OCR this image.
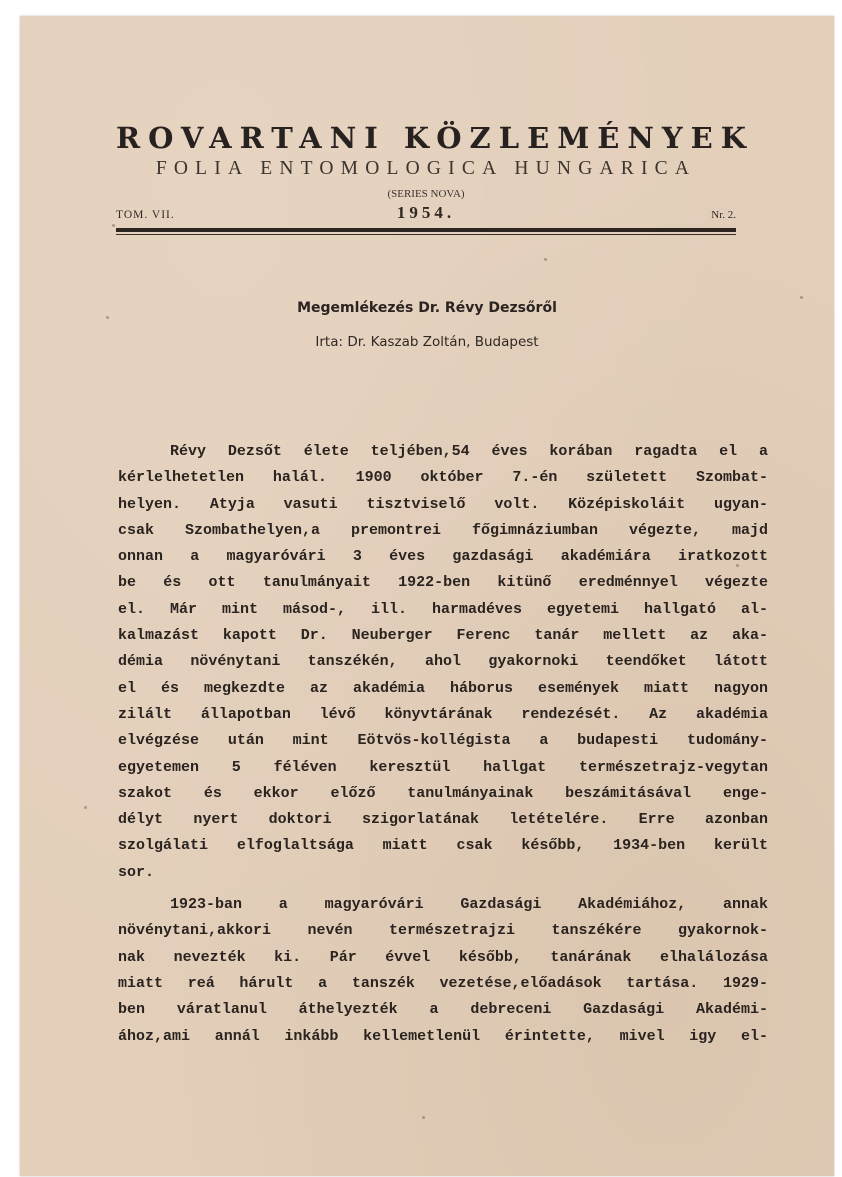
ROVARTANI KÖZLEMÉNYEK
FOLIA ENTOMOLOGICA HUNGARICA
(SERIES NOVA)
TOM. VII.	1954.	Nr. 2.
Megemlékezés Dr. Révy Dezsőről
Irta: Dr. Kaszab Zoltán, Budapest
Révy Dezsőt élete teljében,54 éves korában ragadta el a
kérlelhetetlen halál. 1900 október 7.-én született Szombat-
helyen. Atyja vasuti tisztviselő volt. Középiskoláit ugyan-
csak Szombathelyen,a premontrei főgimnáziumban végezte, majd
onnan a magyaróvári 3 éves gazdasági akadémiára iratkozott
be és ott tanulmányait 1922-ben kitünő eredménnyel végezte
el. Már mint másod-, ill. harmadéves egyetemi hallgató al-
kalmazást kapott Dr. Neuberger Ferenc tanár mellett az aka-
démia növénytani tanszékén, ahol gyakornoki teendőket látott
el és megkezdte az akadémia háborus események miatt nagyon
zilált állapotban lévő könyvtárának rendezését. Az akadémia
elvégzése után mint Eötvös-kollégista a budapesti tudomány-
egyetemen 5 féléven keresztül hallgat természetrajz-vegytan
szakot és ekkor előző tanulmányainak beszámitásával enge-
délyt nyert doktori szigorlatának letételére. Erre azonban
szolgálati elfoglaltsága miatt csak később, 1934-ben került
sor.
1923-ban a magyaróvári Gazdasági Akadémiához, annak
növénytani,akkori nevén természetrajzi tanszékére gyakornok-
nak nevezték ki. Pár évvel később, tanárának elhalálozása
miatt reá hárult a tanszék vezetése,előadások tartása. 1929-
ben váratlanul áthelyezték a debreceni Gazdasági Akadémi-
ához,ami annál inkább kellemetlenül érintette, mivel igy el-
